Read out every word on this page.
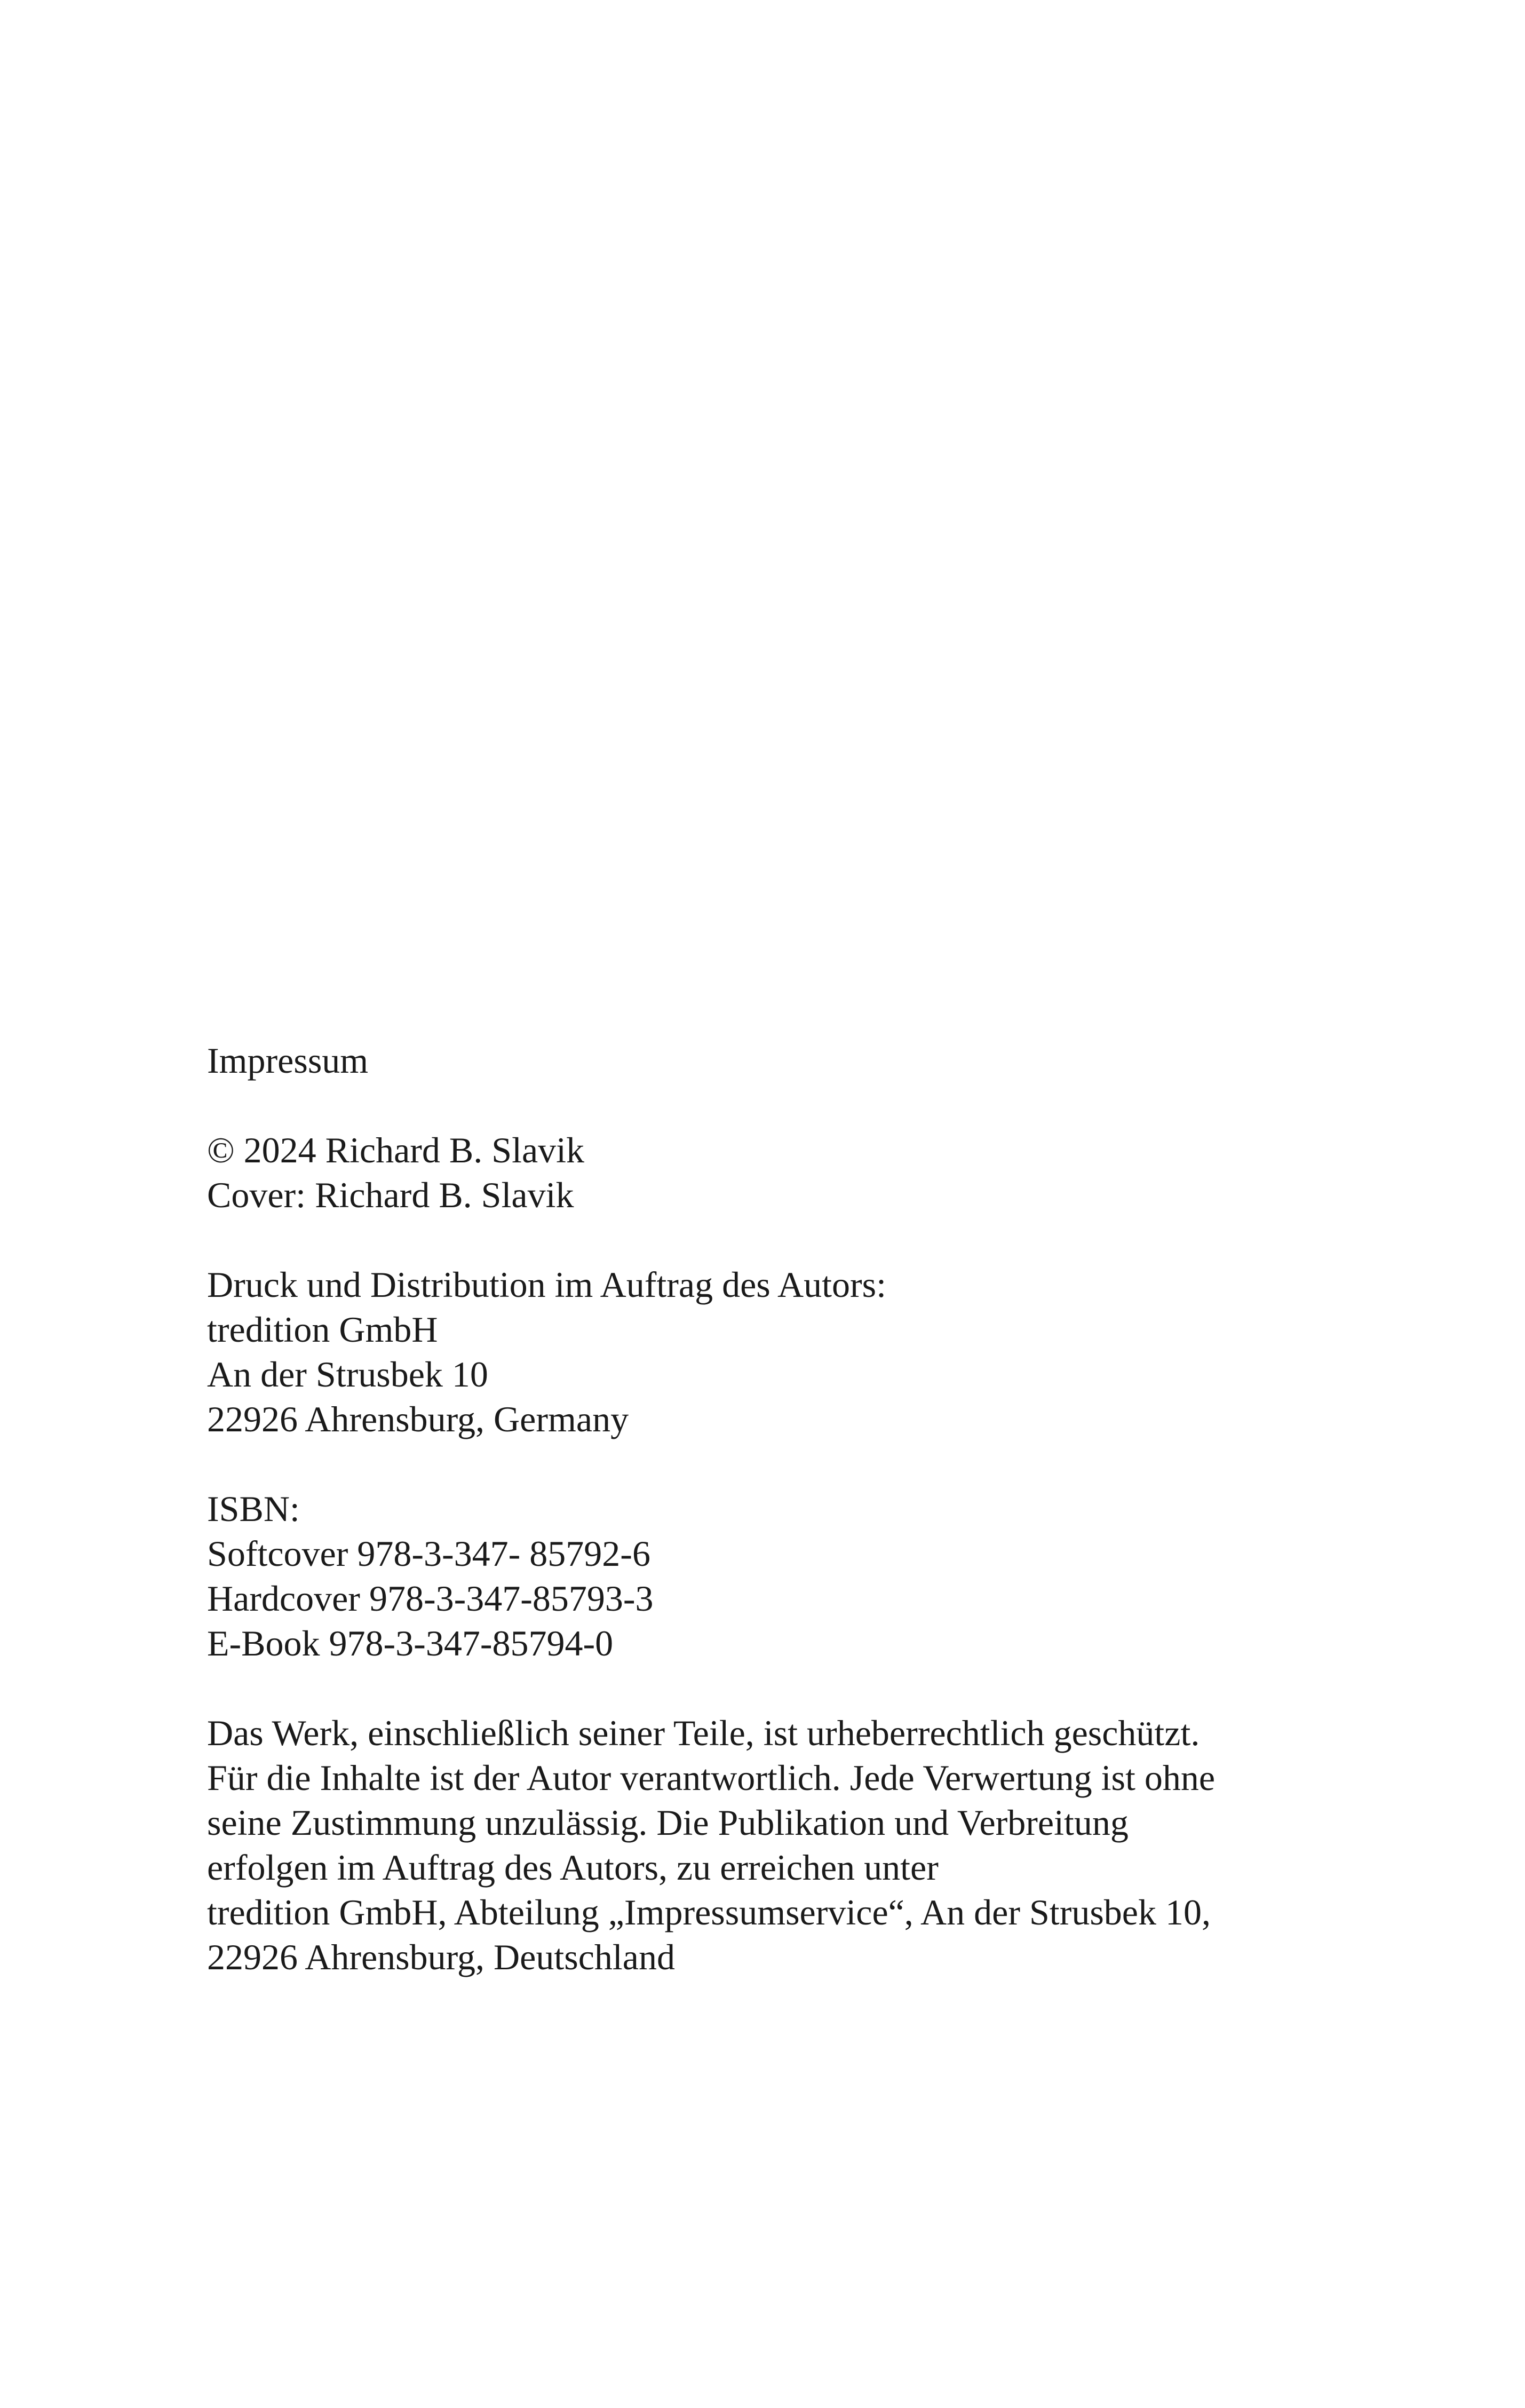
Impressum
© 2024 Richard B. Slavik
Cover: Richard B. Slavik
Druck und Distribution im Auftrag des Autors:
tredition GmbH
An der Strusbek 10
22926 Ahrensburg, Germany
ISBN:
Softcover 978-3-347- 85792-6
Hardcover 978-3-347-85793-3
E-Book 978-3-347-85794-0
Das Werk, einschließlich seiner Teile, ist urheberrechtlich geschützt.
Für die Inhalte ist der Autor verantwortlich. Jede Verwertung ist ohne
seine Zustimmung unzulässig. Die Publikation und Verbreitung
erfolgen im Auftrag des Autors, zu erreichen unter
tredition GmbH, Abteilung „Impressumservice“, An der Strusbek 10,
22926 Ahrensburg, Deutschland
